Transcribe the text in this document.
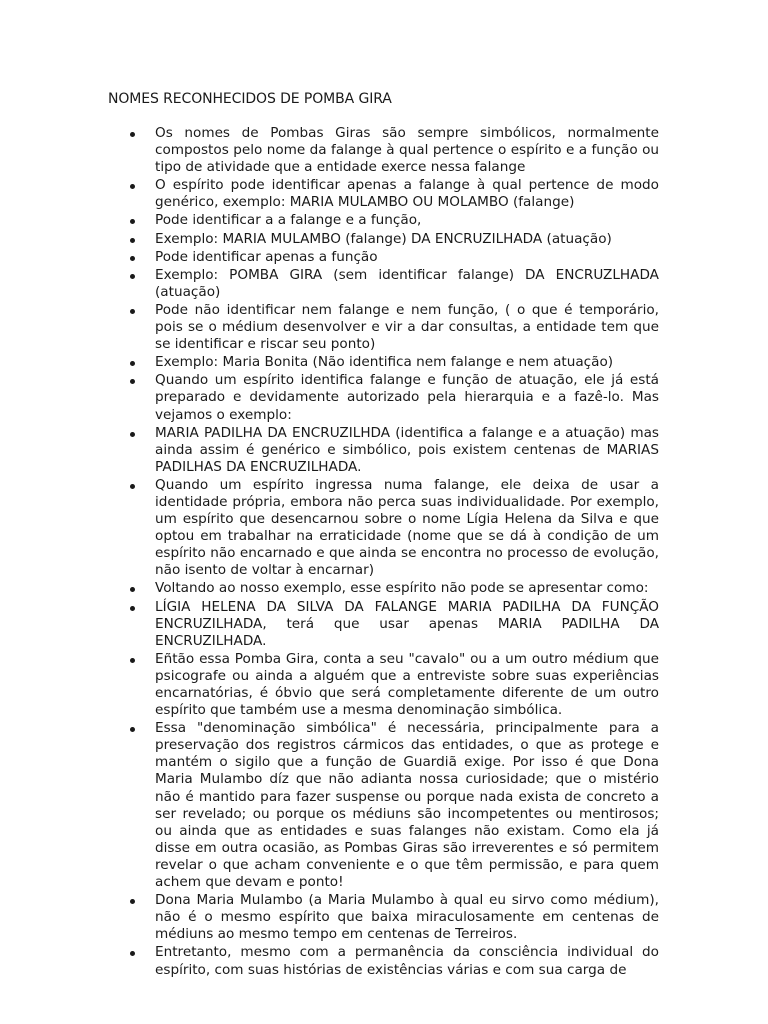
NOMES RECONHECIDOS DE POMBA GIRA
Os nomes de Pombas Giras são sempre simbólicos, normalmente compostos pelo nome da falange à qual pertence o espírito e a função ou tipo de atividade que a entidade exerce nessa falange
O espírito pode identificar apenas a falange à qual pertence de modo genérico, exemplo: MARIA MULAMBO OU MOLAMBO (falange)
Pode identificar a a falange e a função,
Exemplo: MARIA MULAMBO (falange) DA ENCRUZILHADA (atuação)
Pode identificar apenas a função
Exemplo: POMBA GIRA (sem identificar falange) DA ENCRUZLHADA (atuação)
Pode não identificar nem falange e nem função, ( o que é temporário, pois se o médium desenvolver e vir a dar consultas, a entidade tem que se identificar e riscar seu ponto)
Exemplo: Maria Bonita (Não identifica nem falange e nem atuação)
Quando um espírito identifica falange e função de atuação, ele já está preparado e devidamente autorizado pela hierarquia e a fazê-lo. Mas vejamos o exemplo:
MARIA PADILHA DA ENCRUZILHDA (identifica a falange e a atuação) mas ainda assim é genérico e simbólico, pois existem centenas de MARIAS PADILHAS DA ENCRUZILHADA.
Quando um espírito ingressa numa falange, ele deixa de usar a identidade própria, embora não perca suas individualidade. Por exemplo, um espírito que desencarnou sobre o nome Lígia Helena da Silva e que optou em trabalhar na erraticidade (nome que se dá à condição de um espírito não encarnado e que ainda se encontra no processo de evolução, não isento de voltar à encarnar)
Voltando ao nosso exemplo, esse espírito não pode se apresentar como:
LÍGIA HELENA DA SILVA DA FALANGE MARIA PADILHA DA FUNÇÃO ENCRUZILHADA, terá que usar apenas MARIA PADILHA DA ENCRUZILHADA.
Eñtão essa Pomba Gira, conta a seu "cavalo" ou a um outro médium que psicografe ou ainda a alguém que a entreviste sobre suas experiências encarnatórias, é óbvio que será completamente diferente de um outro espírito que também use a mesma denominação simbólica.
Essa "denominação simbólica" é necessária, principalmente para a preservação dos registros cármicos das entidades, o que as protege e mantém o sigilo que a função de Guardiã exige. Por isso é que Dona Maria Mulambo díz que não adianta nossa curiosidade; que o mistério não é mantido para fazer suspense ou porque nada exista de concreto a ser revelado; ou porque os médiuns são incompetentes ou mentirosos; ou ainda que as entidades e suas falanges não existam. Como ela já disse em outra ocasião, as Pombas Giras são irreverentes e só permitem revelar o que acham conveniente e o que têm permissão, e para quem achem que devam e ponto!
Dona Maria Mulambo (a Maria Mulambo à qual eu sirvo como médium), não é o mesmo espírito que baixa miraculosamente em centenas de médiuns ao mesmo tempo em centenas de Terreiros.
Entretanto, mesmo com a permanência da consciência individual do espírito, com suas histórias de existências várias e com sua carga de
